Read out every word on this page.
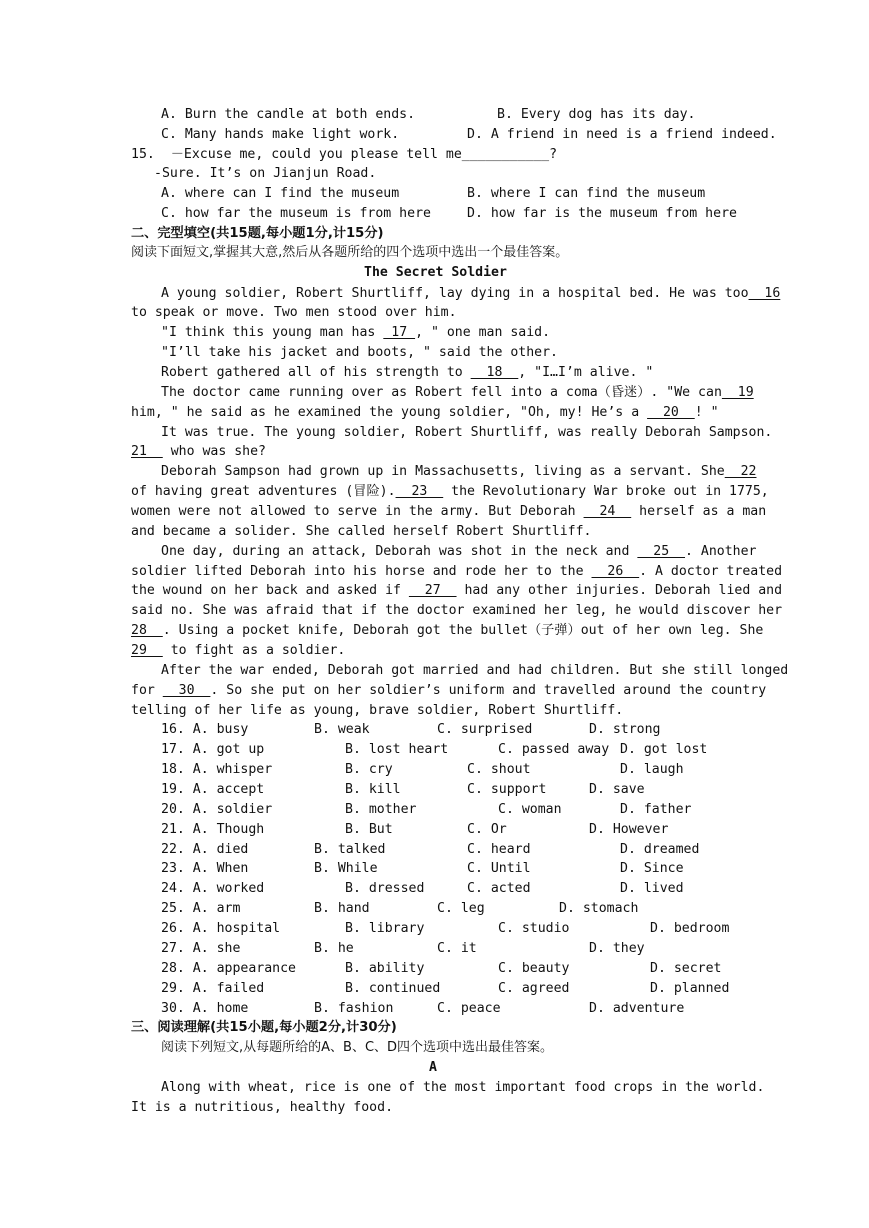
A. Burn the candle at both ends.	B. Every dog has its day.
C. Many hands make light work.	D. A friend in need is a friend indeed.
15.  －Excuse me, could you please tell me___________?
-Sure. It’s on Jianjun Road.
A. where can I find the museum	B. where I can find the museum
C. how far the museum is from here	D. how far is the museum from here
二、完型填空(共15题,每小题1分,计15分)
阅读下面短文,掌握其大意,然后从各题所给的四个选项中选出一个最佳答案。
The Secret Soldier
A young soldier, Robert Shurtliff, lay dying in a hospital bed. He was too 16
to speak or move. Two men stood over him.
"I think this young man has  17 , " one man said.
"I’ll take his jacket and boots, " said the other.
Robert gathered all of his strength to   18  , "I…I’m alive. "
The doctor came running over as Robert fell into a coma（昏迷）. "We can 19
him, " he said as he examined the young soldier, "Oh, my! He’s a   20  ! "
It was true. The young soldier, Robert Shurtliff, was really Deborah Sampson.
21   who was she?
Deborah Sampson had grown up in Massachusetts, living as a servant. She 22
of having great adventures (冒险). 23   the Revolutionary War broke out in 1775,
women were not allowed to serve in the army. But Deborah   24   herself as a man
and became a solider. She called herself Robert Shurtliff.
One day, during an attack, Deborah was shot in the neck and   25  . Another
soldier lifted Deborah into his horse and rode her to the   26  . A doctor treated
the wound on her back and asked if   27   had any other injuries. Deborah lied and
said no. She was afraid that if the doctor examined her leg, he would discover her
28  . Using a pocket knife, Deborah got the bullet（子弹）out of her own leg. She
29   to fight as a soldier.
After the war ended, Deborah got married and had children. But she still longed
for   30  . So she put on her soldier’s uniform and travelled around the country
telling of her life as young, brave soldier, Robert Shurtliff.
16. A. busy	B. weak	C. surprised	D. strong
17. A. got up	B. lost heart	C. passed away D. got lost
18. A. whisper	B. cry	C. shout	D. laugh
19. A. accept	B. kill	C. support	D. save
20. A. soldier	B. mother	C. woman	D. father
21. A. Though	B. But	C. Or	D. However
22. A. died	B. talked	C. heard	D. dreamed
23. A. When	B. While	C. Until	D. Since
24. A. worked	B. dressed	C. acted	D. lived
25. A. arm	B. hand	C. leg	D. stomach
26. A. hospital	B. library	C. studio	D. bedroom
27. A. she	B. he	C. it	D. they
28. A. appearance	B. ability	C. beauty	D. secret
29. A. failed	B. continued	C. agreed	D. planned
30. A. home	B. fashion	C. peace	D. adventure
三、阅读理解(共15小题,每小题2分,计30分)
阅读下列短文,从每题所给的A、B、C、D四个选项中选出最佳答案。
A
Along with wheat, rice is one of the most important food crops in the world.
It is a nutritious, healthy food.
